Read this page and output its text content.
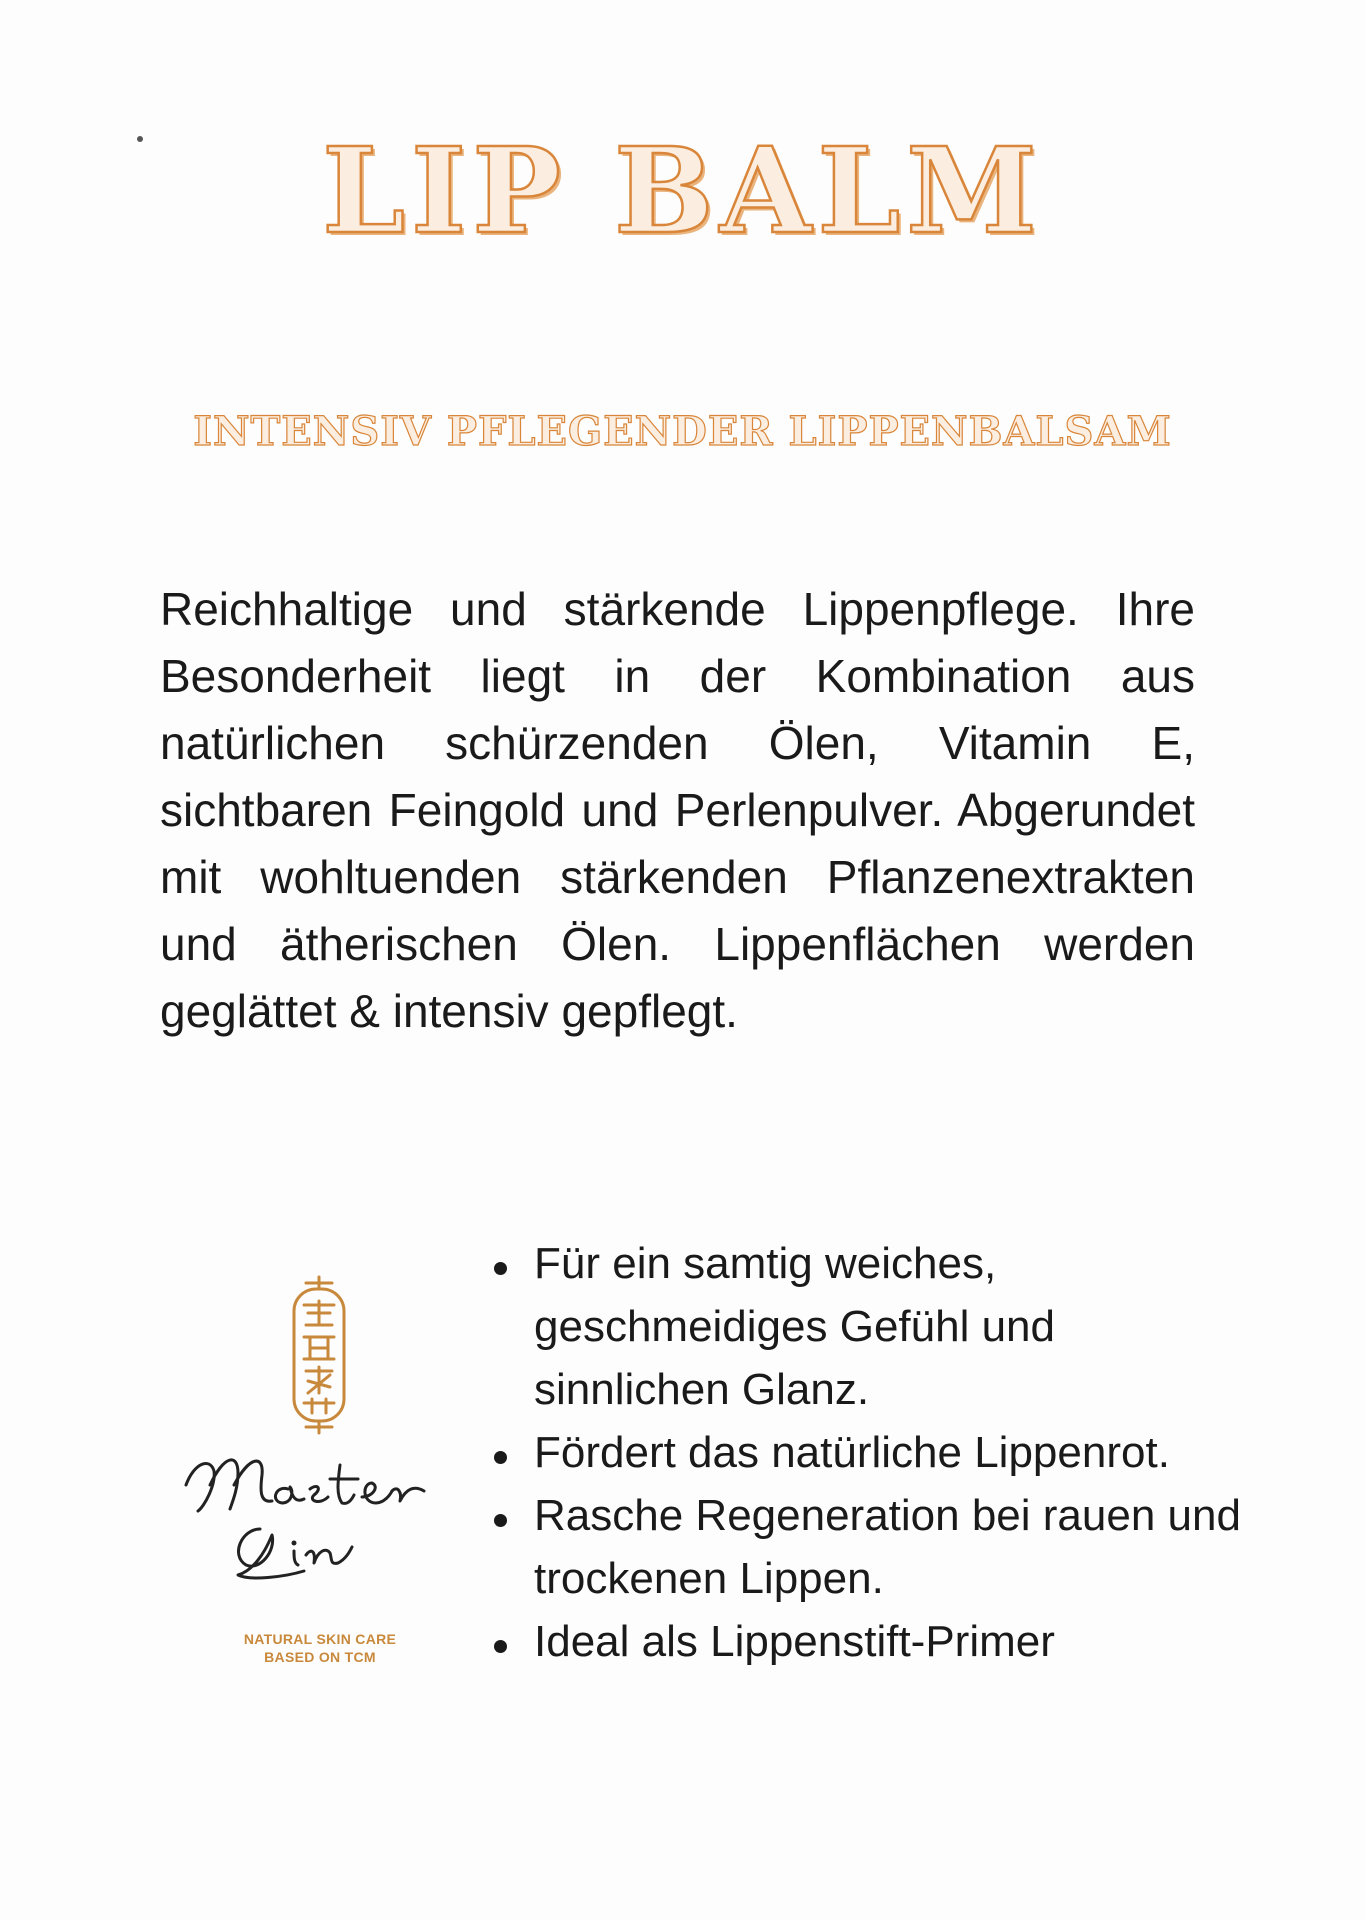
LIP BALM
INTENSIV PFLEGENDER LIPPENBALSAM

Reichhaltige und stärkende Lippenpflege. Ihre Besonderheit liegt in der Kombination aus natürlichen schürzenden Ölen, Vitamin E, sichtbaren Feingold und Perlenpulver. Abgerundet mit wohltuenden stärkenden Pflanzenextrakten und ätherischen Ölen. Lippenflächen werden geglättet & intensiv gepflegt.

NATURAL SKIN CARE
BASED ON TCM
Für ein samtig weiches, geschmeidiges Gefühl und sinnlichen Glanz.
Fördert das natürliche Lippenrot.
Rasche Regeneration bei rauen und trockenen Lippen.
Ideal als Lippenstift-Primer
